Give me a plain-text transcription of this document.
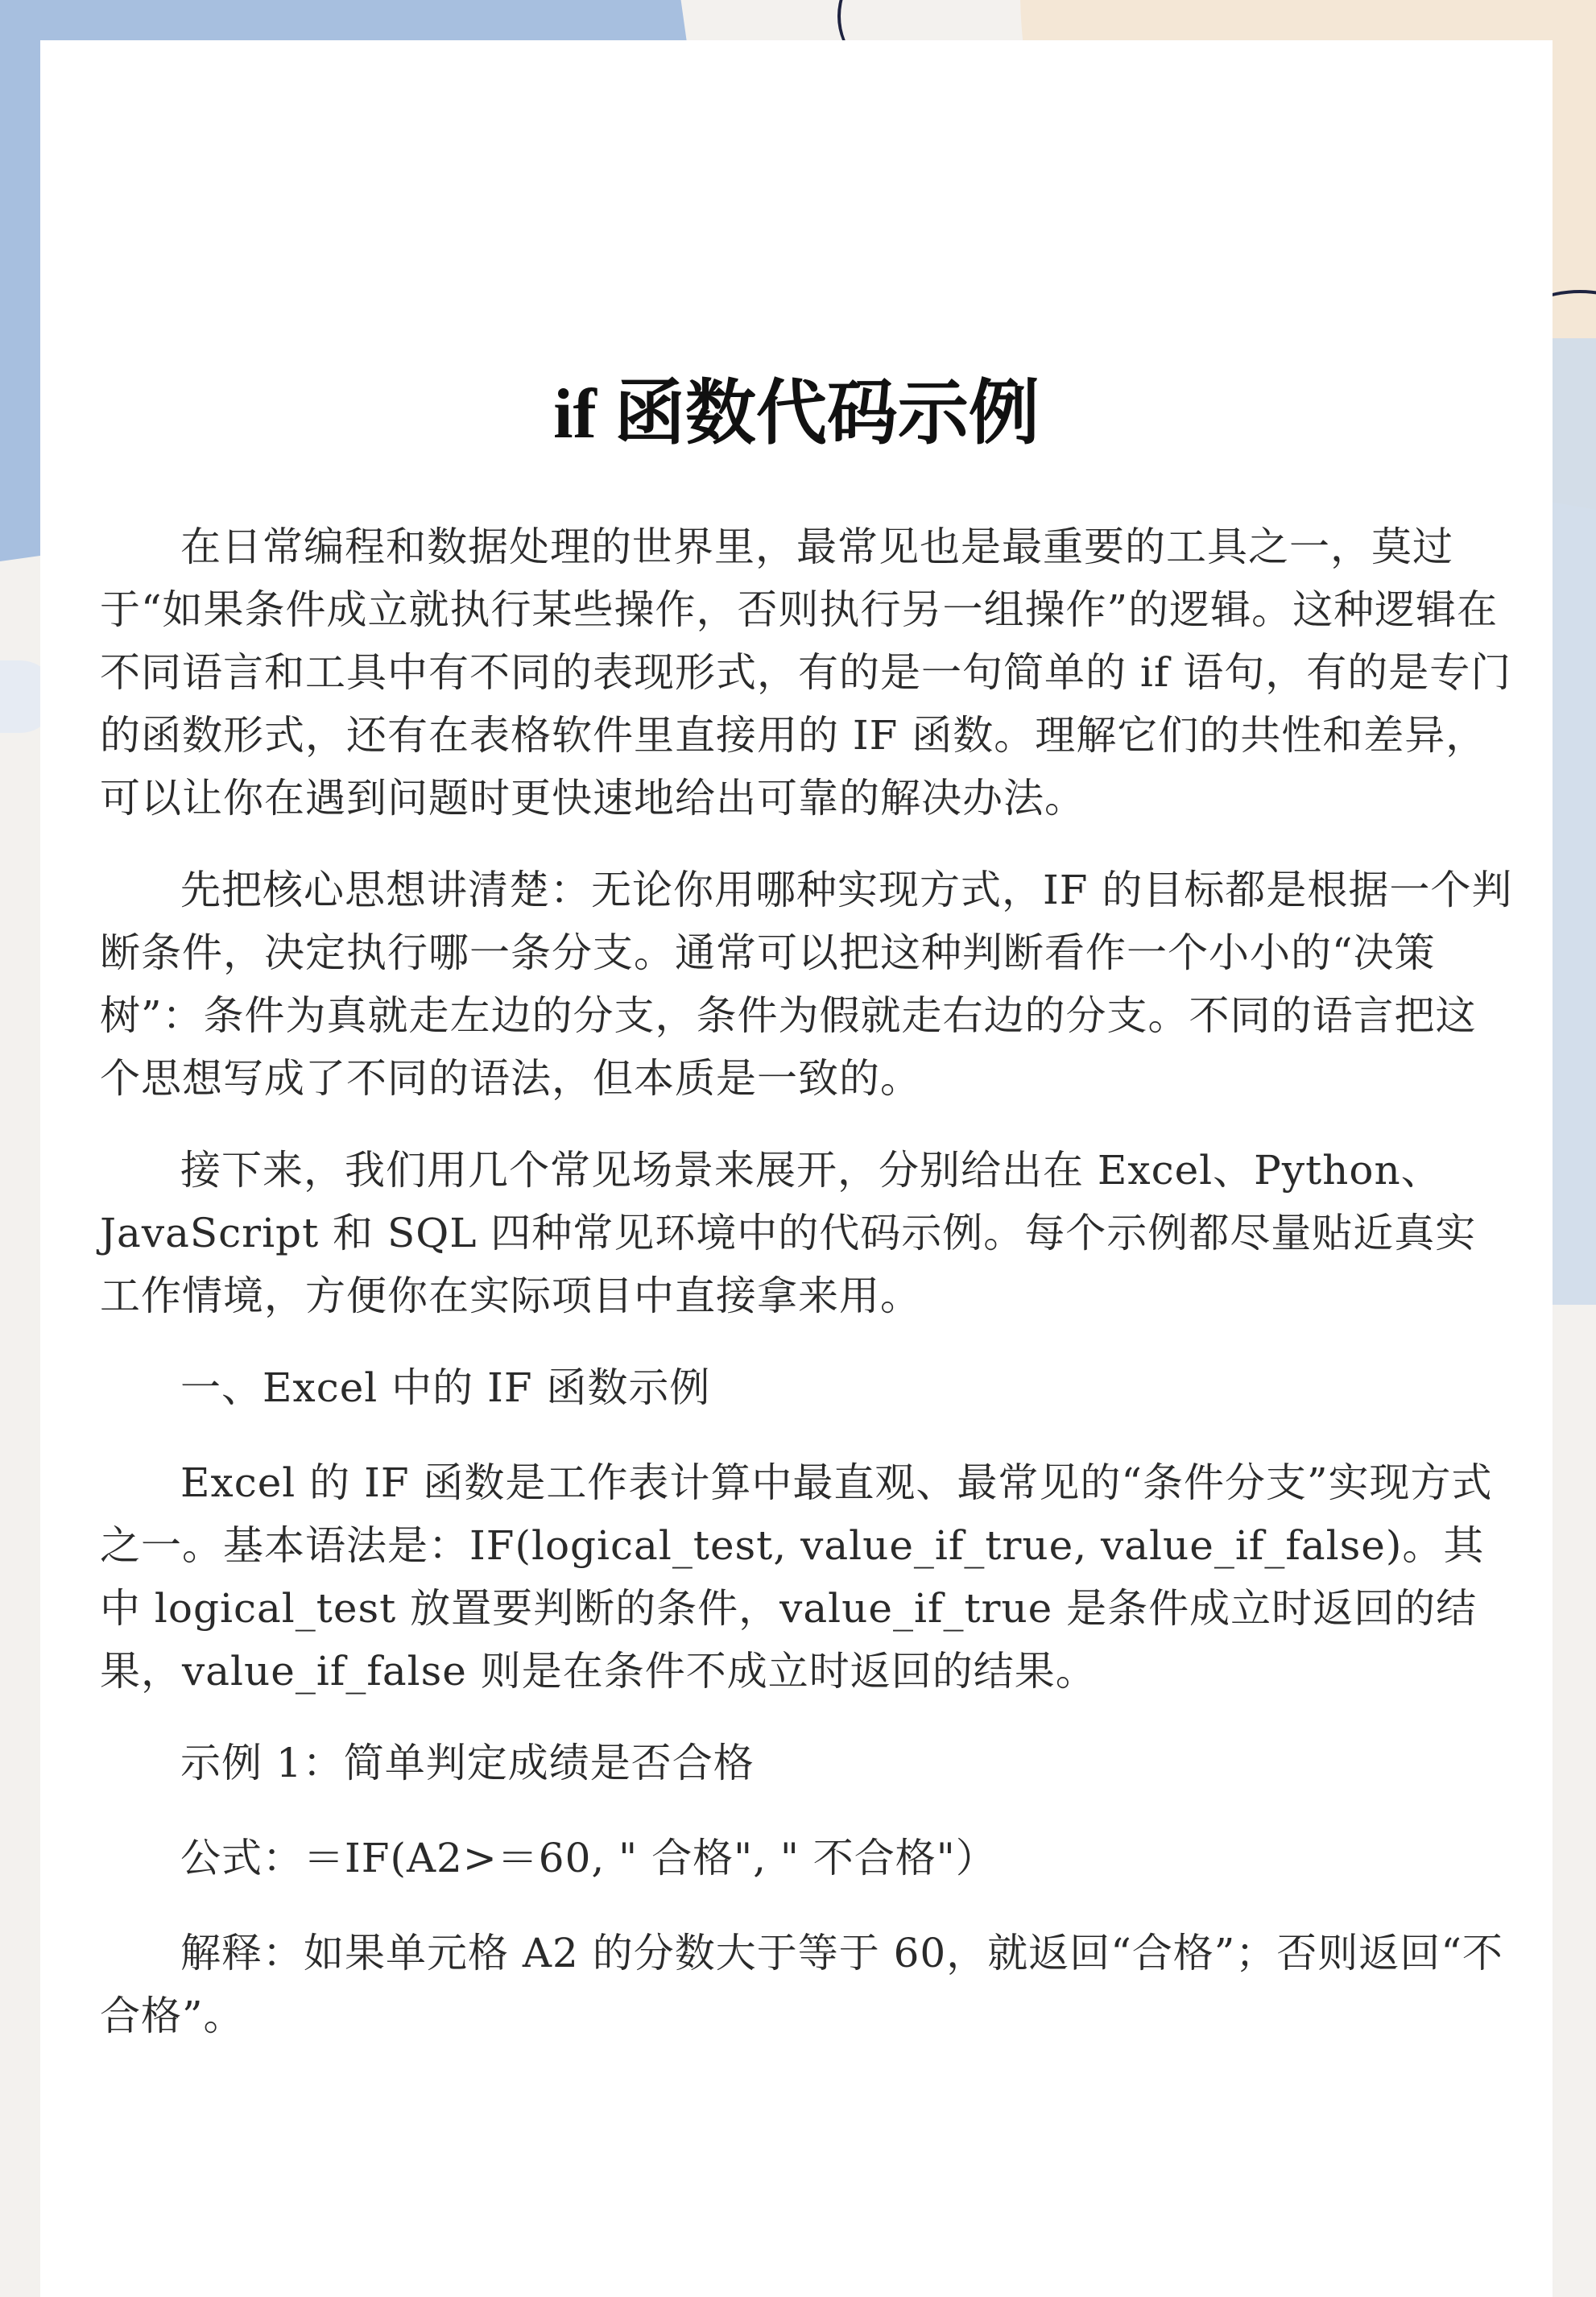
if 函数代码示例

在日常编程和数据处理的世界里，最常见也是最重要的工具之一，莫过于“如果条件成立就执行某些操作，否则执行另一组操作”的逻辑。这种逻辑在不同语言和工具中有不同的表现形式，有的是一句简单的 if 语句，有的是专门的函数形式，还有在表格软件里直接用的 IF 函数。理解它们的共性和差异，可以让你在遇到问题时更快速地给出可靠的解决办法。

先把核心思想讲清楚：无论你用哪种实现方式，IF 的目标都是根据一个判断条件，决定执行哪一条分支。通常可以把这种判断看作一个小小的“决策树”：条件为真就走左边的分支，条件为假就走右边的分支。不同的语言把这个思想写成了不同的语法，但本质是一致的。

接下来，我们用几个常见场景来展开，分别给出在 Excel、Python、JavaScript 和 SQL 四种常见环境中的代码示例。每个示例都尽量贴近真实工作情境，方便你在实际项目中直接拿来用。

一、Excel 中的 IF 函数示例

Excel 的 IF 函数是工作表计算中最直观、最常见的“条件分支”实现方式之一。基本语法是：IF(logical_test, value_if_true, value_if_false)。其中 logical_test 放置要判断的条件，value_if_true 是条件成立时返回的结果，value_if_false 则是在条件不成立时返回的结果。

示例 1：简单判定成绩是否合格

公式：＝IF(A2>＝60, " 合格", " 不合格"）

解释：如果单元格 A2 的分数大于等于 60，就返回“合格”；否则返回“不合格”。
